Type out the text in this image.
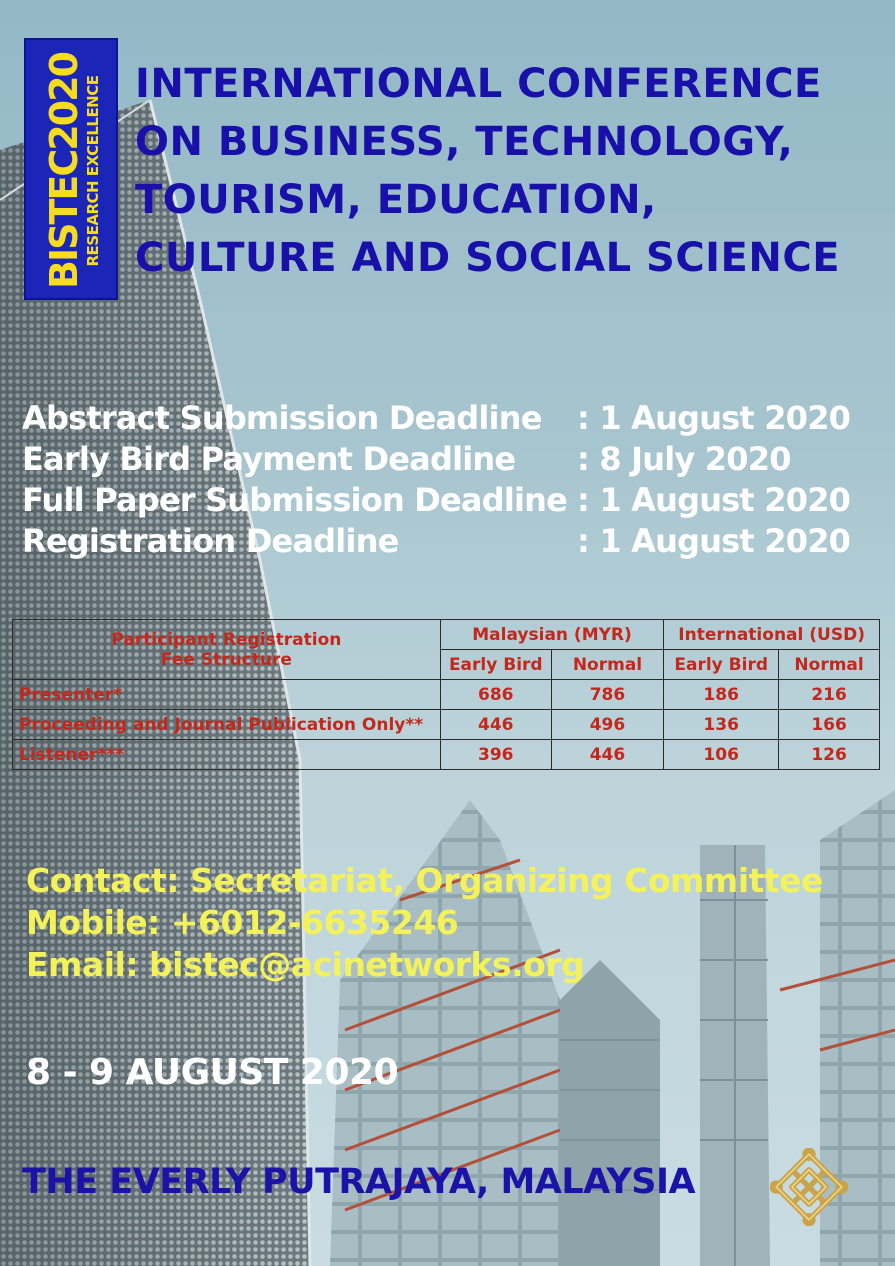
BISTEC2020
RESEARCH EXCELLENCE INTERNATIONAL CONFERENCE
ON BUSINESS, TECHNOLOGY,
TOURISM, EDUCATION,
CULTURE AND SOCIAL SCIENCE
Abstract Submission Deadline : 1 August 2020
Early Bird Payment Deadline : 8 July 2020
Full Paper Submission Deadline : 1 August 2020
Registration Deadline	: 1 August 2020
Participant Registration
Fee Structure	Malaysian (MYR)		International (USD)	
	Early Bird	Normal	Early Bird	Normal
Presenter*	686	786	186	216
Proceeding and Journal Publication Only**	446	496	136	166
Listener***	396	446	106	126
Contact: Secretariat, Organizing Committee
Mobile: +6012-6635246
Email: bistec@acinetworks.org
8 - 9 AUGUST 2020
THE EVERLY PUTRAJAYA, MALAYSIA
